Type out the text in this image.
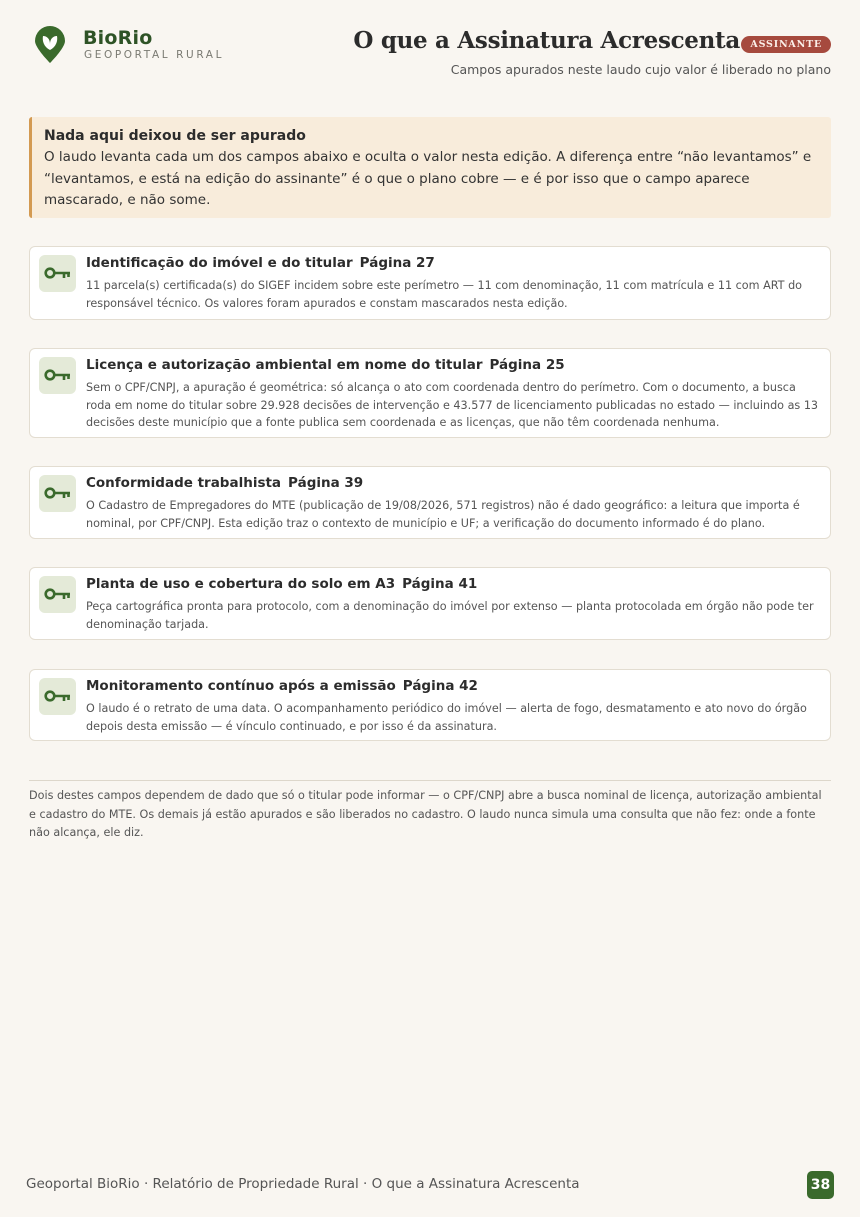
BioRio
GEOPORTAL RURAL
O que a Assinatura Acrescenta	ASSINANTE
Campos apurados neste laudo cujo valor é liberado no plano
Nada aqui deixou de ser apurado
O laudo levanta cada um dos campos abaixo e oculta o valor nesta edição. A diferença entre “não levantamos” e “levantamos, e está na edição do assinante” é o que o plano cobre — e é por isso que o campo aparece mascarado, e não some.
Identificação do imóvel e do titular Página 27
11 parcela(s) certificada(s) do SIGEF incidem sobre este perímetro — 11 com denominação, 11 com matrícula e 11 com ART do responsável técnico. Os valores foram apurados e constam mascarados nesta edição.
Licença e autorização ambiental em nome do titular Página 25
Sem o CPF/CNPJ, a apuração é geométrica: só alcança o ato com coordenada dentro do perímetro. Com o documento, a busca roda em nome do titular sobre 29.928 decisões de intervenção e 43.577 de licenciamento publicadas no estado — incluindo as 13 decisões deste município que a fonte publica sem coordenada e as licenças, que não têm coordenada nenhuma.
Conformidade trabalhista Página 39
O Cadastro de Empregadores do MTE (publicação de 19/08/2026, 571 registros) não é dado geográfico: a leitura que importa é nominal, por CPF/CNPJ. Esta edição traz o contexto de município e UF; a verificação do documento informado é do plano.
Planta de uso e cobertura do solo em A3 Página 41
Peça cartográfica pronta para protocolo, com a denominação do imóvel por extenso — planta protocolada em órgão não pode ter denominação tarjada.
Monitoramento contínuo após a emissão Página 42
O laudo é o retrato de uma data. O acompanhamento periódico do imóvel — alerta de fogo, desmatamento e ato novo do órgão depois desta emissão — é vínculo continuado, e por isso é da assinatura.
Dois destes campos dependem de dado que só o titular pode informar — o CPF/CNPJ abre a busca nominal de licença, autorização ambiental e cadastro do MTE. Os demais já estão apurados e são liberados no cadastro. O laudo nunca simula uma consulta que não fez: onde a fonte não alcança, ele diz.
Geoportal BioRio · Relatório de Propriedade Rural · O que a Assinatura Acrescenta	38
